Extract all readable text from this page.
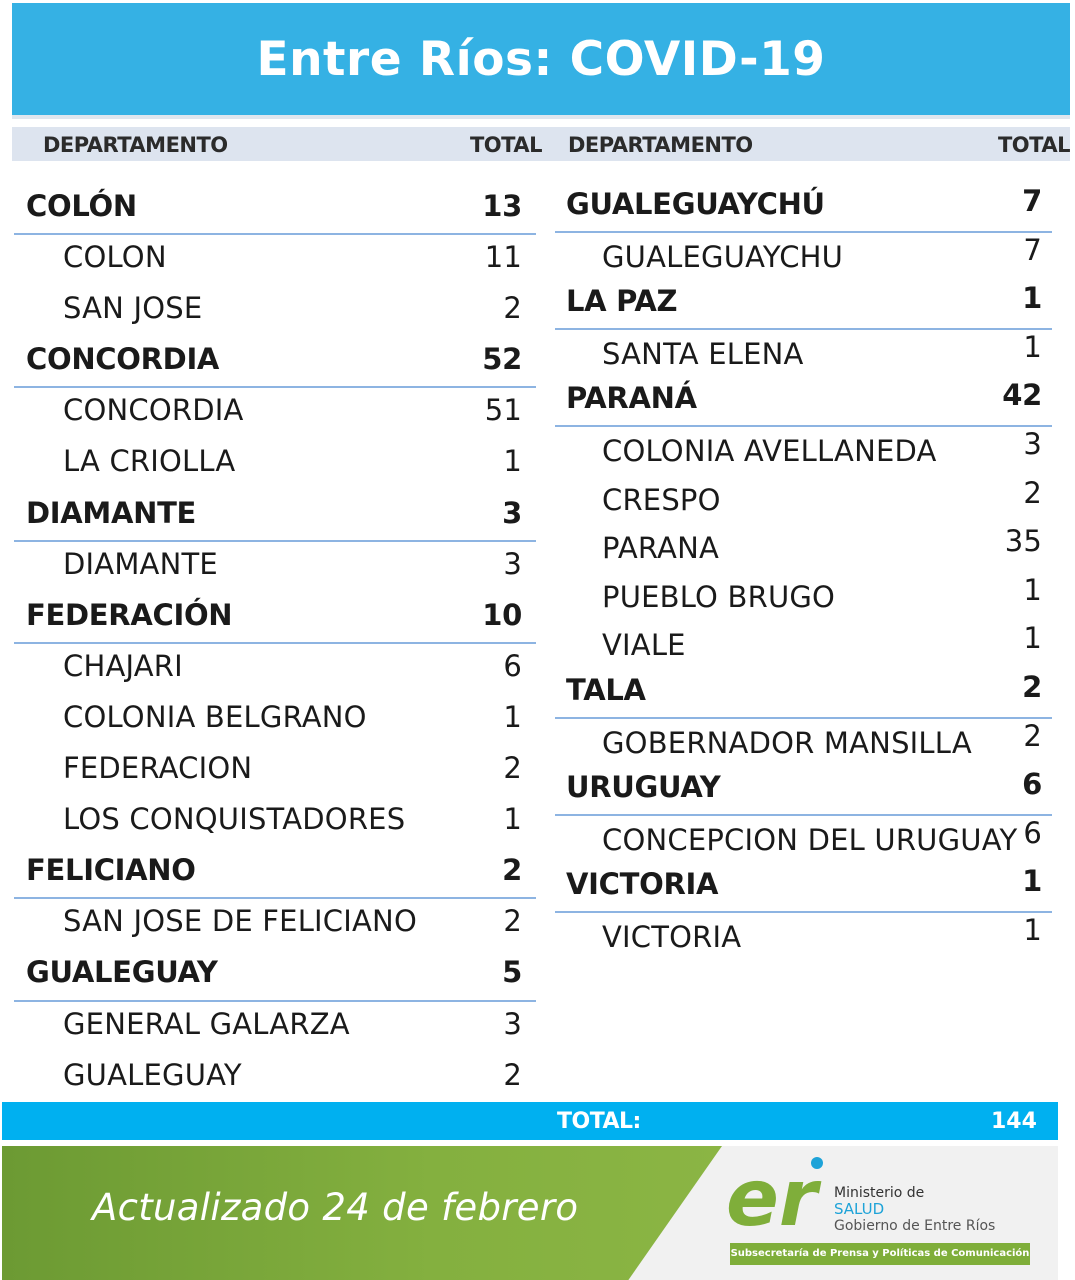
Entre Ríos: COVID-19
DEPARTAMENTO	TOTAL DEPARTAMENTO	TOTAL
COLÓN	13
COLON	11
SAN JOSE	2
CONCORDIA	52
CONCORDIA	51
LA CRIOLLA	1
DIAMANTE	3
DIAMANTE	3
FEDERACIÓN	10
CHAJARI	6
COLONIA BELGRANO	1
FEDERACION	2
LOS CONQUISTADORES	1
FELICIANO	2
SAN JOSE DE FELICIANO	2
GUALEGUAY	5
GENERAL GALARZA	3
GUALEGUAY	2
GUALEGUAYCHÚ	7
GUALEGUAYCHU	7
LA PAZ	1
SANTA ELENA	1
PARANÁ	42
COLONIA AVELLANEDA	3
CRESPO	2
PARANA	35
PUEBLO BRUGO	1
VIALE	1
TALA	2
GOBERNADOR MANSILLA 2
URUGUAY	6
CONCEPCION DEL URUGUAY 6
VICTORIA	1
VICTORIA	1
TOTAL:	144
Actualizado 24 de febrero er	Ministerio de
SALUD
Gobierno de Entre Ríos
Subsecretaría de Prensa y Políticas de Comunicación
